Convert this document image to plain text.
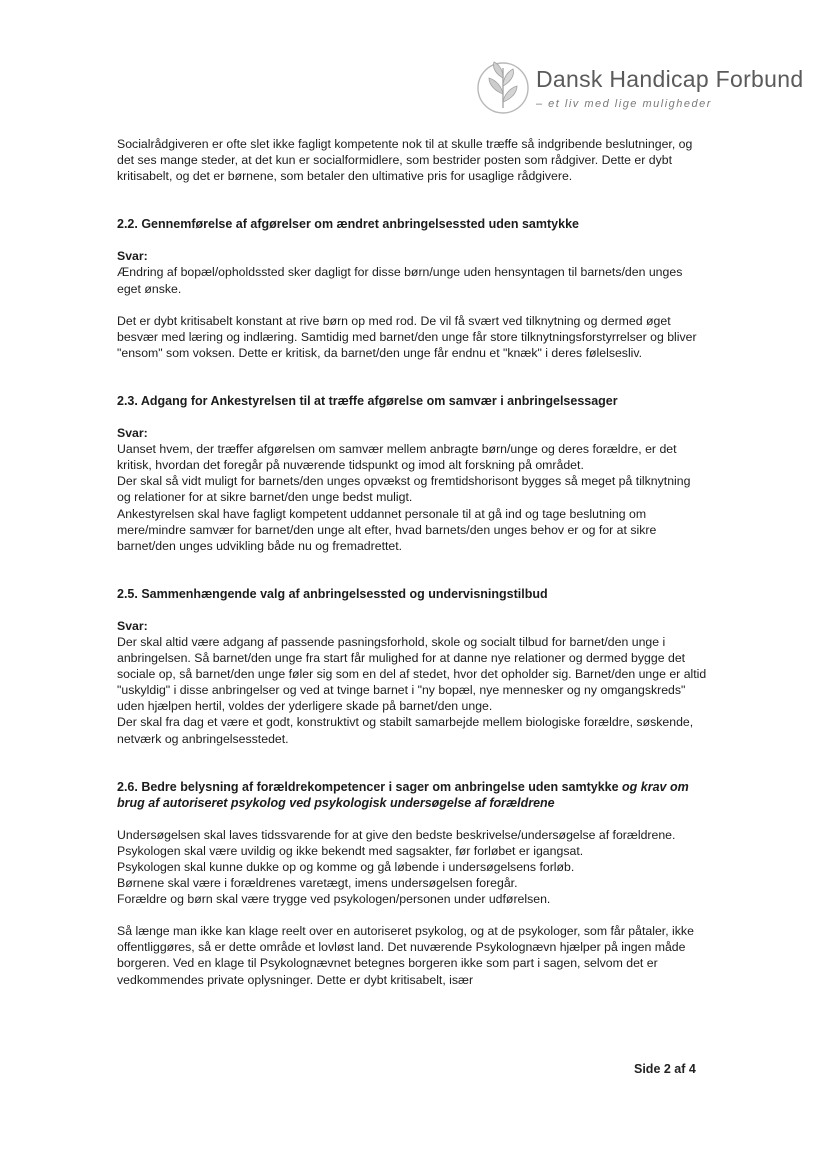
Dansk Handicap Forbund
– et liv med lige muligheder

Socialrådgiveren er ofte slet ikke fagligt kompetente nok til at skulle træffe så indgribende beslutninger, og det ses mange steder, at det kun er socialformidlere, som bestrider posten som rådgiver. Dette er dybt kritisabelt, og det er børnene, som betaler den ultimative pris for usaglige rådgivere.

2.2. Gennemførelse af afgørelser om ændret anbringelsessted uden samtykke

Svar:

Ændring af bopæl/opholdssted sker dagligt for disse børn/unge uden hensyntagen til barnets/den unges eget ønske.

Det er dybt kritisabelt konstant at rive børn op med rod. De vil få svært ved tilknytning og dermed øget besvær med læring og indlæring. Samtidig med barnet/den unge får store tilknytningsforstyrrelser og bliver "ensom" som voksen. Dette er kritisk, da barnet/den unge får endnu et "knæk" i deres følelsesliv.

2.3. Adgang for Ankestyrelsen til at træffe afgørelse om samvær i anbringelsessager

Svar:

Uanset hvem, der træffer afgørelsen om samvær mellem anbragte børn/unge og deres forældre, er det kritisk, hvordan det foregår på nuværende tidspunkt og imod alt forskning på området.

Der skal så vidt muligt for barnets/den unges opvækst og fremtidshorisont bygges så meget på tilknytning og relationer for at sikre barnet/den unge bedst muligt.

Ankestyrelsen skal have fagligt kompetent uddannet personale til at gå ind og tage beslutning om mere/mindre samvær for barnet/den unge alt efter, hvad barnets/den unges behov er og for at sikre barnet/den unges udvikling både nu og fremadrettet.

2.5. Sammenhængende valg af anbringelsessted og undervisningstilbud

Svar:

Der skal altid være adgang af passende pasningsforhold, skole og socialt tilbud for barnet/den unge i anbringelsen. Så barnet/den unge fra start får mulighed for at danne nye relationer og dermed bygge det sociale op, så barnet/den unge føler sig som en del af stedet, hvor det opholder sig. Barnet/den unge er altid "uskyldig" i disse anbringelser og ved at tvinge barnet i "ny bopæl, nye mennesker og ny omgangskreds" uden hjælpen hertil, voldes der yderligere skade på barnet/den unge.

Der skal fra dag et være et godt, konstruktivt og stabilt samarbejde mellem biologiske forældre, søskende, netværk og anbringelsesstedet.

2.6. Bedre belysning af forældrekompetencer i sager om anbringelse uden samtykke og krav om brug af autoriseret psykolog ved psykologisk undersøgelse af forældrene

Undersøgelsen skal laves tidssvarende for at give den bedste beskrivelse/undersøgelse af forældrene.

Psykologen skal være uvildig og ikke bekendt med sagsakter, før forløbet er igangsat.

Psykologen skal kunne dukke op og komme og gå løbende i undersøgelsens forløb.

Børnene skal være i forældrenes varetægt, imens undersøgelsen foregår.

Forældre og børn skal være trygge ved psykologen/personen under udførelsen.

Så længe man ikke kan klage reelt over en autoriseret psykolog, og at de psykologer, som får påtaler, ikke offentliggøres, så er dette område et lovløst land. Det nuværende Psykolognævn hjælper på ingen måde borgeren. Ved en klage til Psykolognævnet betegnes borgeren ikke som part i sagen, selvom det er vedkommendes private oplysninger. Dette er dybt kritisabelt, især

Side 2 af 4
